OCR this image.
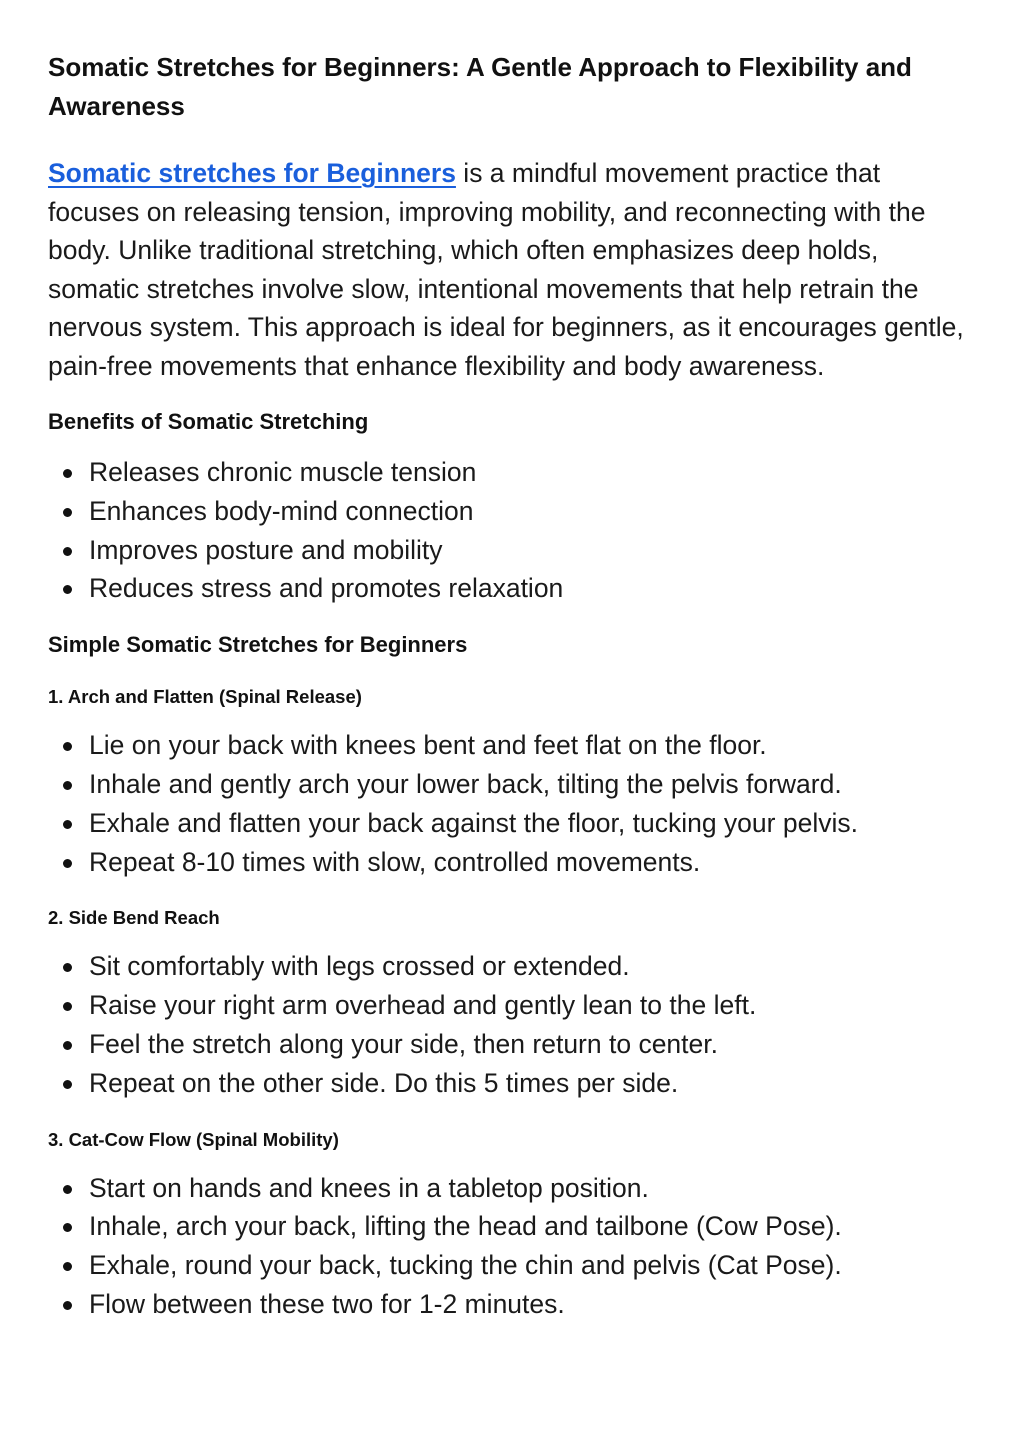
Somatic Stretches for Beginners: A Gentle Approach to Flexibility and Awareness

Somatic stretches for Beginners is a mindful movement practice that focuses on releasing tension, improving mobility, and reconnecting with the body. Unlike traditional stretching, which often emphasizes deep holds, somatic stretches involve slow, intentional movements that help retrain the nervous system. This approach is ideal for beginners, as it encourages gentle, pain-free movements that enhance flexibility and body awareness.

Benefits of Somatic Stretching
Releases chronic muscle tension
Enhances body-mind connection
Improves posture and mobility
Reduces stress and promotes relaxation
Simple Somatic Stretches for Beginners
1. Arch and Flatten (Spinal Release)
Lie on your back with knees bent and feet flat on the floor.
Inhale and gently arch your lower back, tilting the pelvis forward.
Exhale and flatten your back against the floor, tucking your pelvis.
Repeat 8-10 times with slow, controlled movements.
2. Side Bend Reach
Sit comfortably with legs crossed or extended.
Raise your right arm overhead and gently lean to the left.
Feel the stretch along your side, then return to center.
Repeat on the other side. Do this 5 times per side.
3. Cat-Cow Flow (Spinal Mobility)
Start on hands and knees in a tabletop position.
Inhale, arch your back, lifting the head and tailbone (Cow Pose).
Exhale, round your back, tucking the chin and pelvis (Cat Pose).
Flow between these two for 1-2 minutes.
